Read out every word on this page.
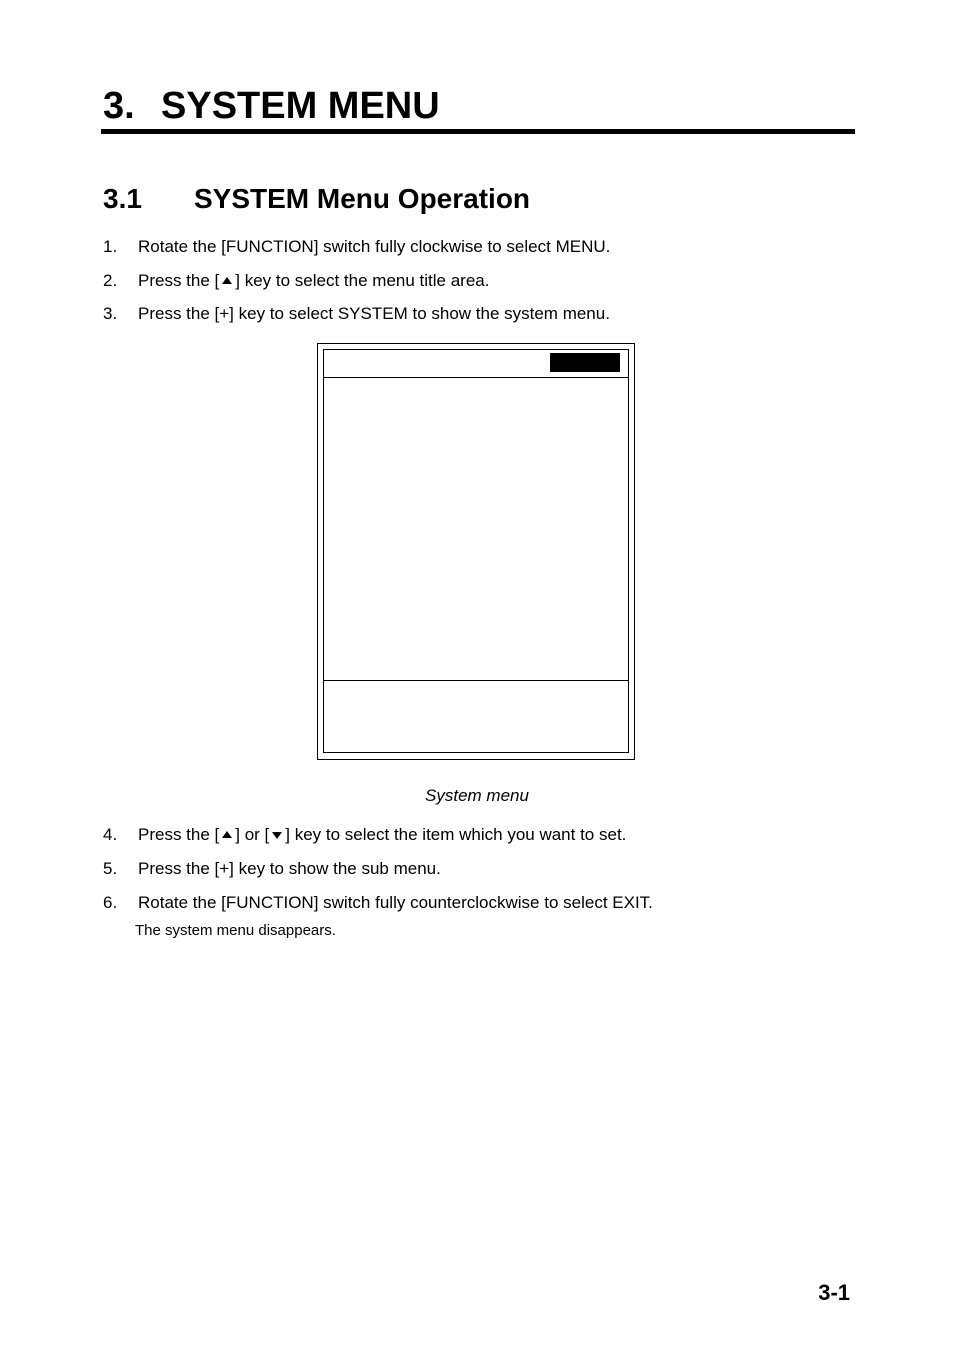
3. SYSTEM MENU
3.1 SYSTEM Menu Operation
1. Rotate the [FUNCTION] switch fully clockwise to select MENU.
2. Press the [ ] key to select the menu title area.
3. Press the [+] key to select SYSTEM to show the system menu.
System menu
4. Press the [ ] or [ ] key to select the item which you want to set.
5. Press the [+] key to show the sub menu.
6. Rotate the [FUNCTION] switch fully counterclockwise to select EXIT.
The system menu disappears.
3-1
